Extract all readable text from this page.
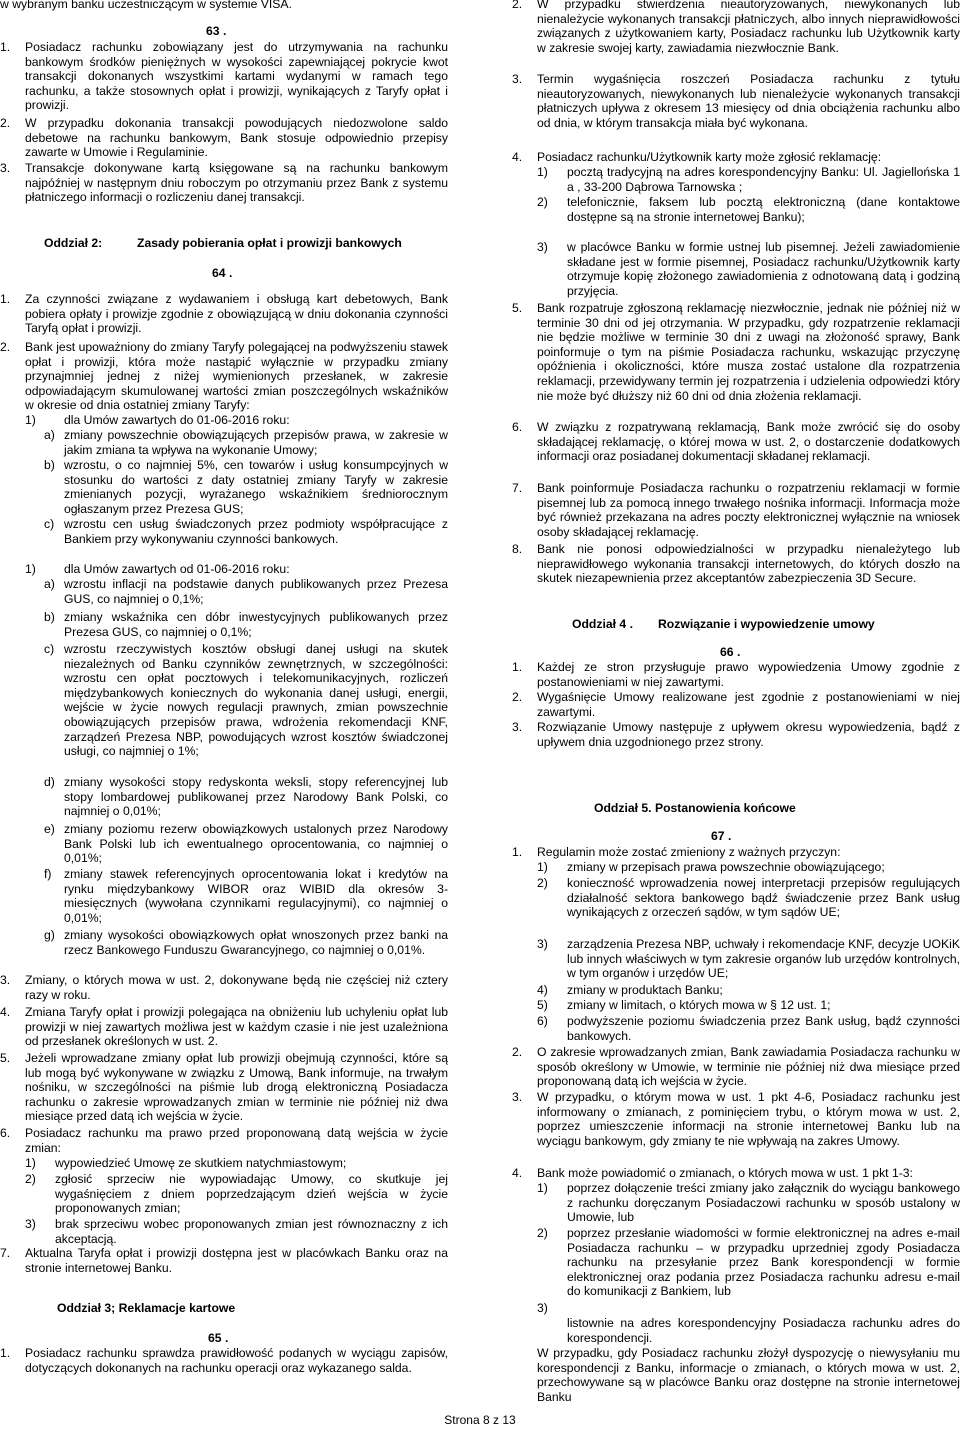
w wybranym banku uczestniczącym w systemie VISA.

63 .

1. Posiadacz rachunku zobowiązany jest do utrzymywania na rachunku bankowym środków pieniężnych w wysokości zapewniającej pokrycie kwot transakcji dokonanych wszystkimi kartami wydanymi w ramach tego rachunku, a także stosownych opłat i prowizji, wynikających z Taryfy opłat i prowizji.

2. W przypadku dokonania transakcji powodujących niedozwolone saldo debetowe na rachunku bankowym, Bank stosuje odpowiednio przepisy zawarte w Umowie i Regulaminie.

3. Transakcje dokonywane kartą księgowane są na rachunku bankowym najpóźniej w następnym dniu roboczym po otrzymaniu przez Bank z systemu płatniczego informacji o rozliczeniu danej transakcji.

Oddział 2:	Zasady pobierania opłat i prowizji bankowych

64 .

1. Za czynności związane z wydawaniem i obsługą kart debetowych, Bank pobiera opłaty i prowizje zgodnie z obowiązującą w dniu dokonania czynności Taryfą opłat i prowizji.

2. Bank jest upoważniony do zmiany Taryfy polegającej na podwyższeniu stawek opłat i prowizji, która może nastąpić wyłącznie w przypadku zmiany przynajmniej jednej z niżej wymienionych przesłanek, w zakresie odpowiadającym skumulowanej wartości zmian poszczególnych wskaźników w okresie od dnia ostatniej zmiany Taryfy:

1) dla Umów zawartych do 01-06-2016 roku:

a) zmiany powszechnie obowiązujących przepisów prawa, w zakresie w jakim zmiana ta wpływa na wykonanie Umowy;

b) wzrostu, o co najmniej 5%, cen towarów i usług konsumpcyjnych w stosunku do wartości z daty ostatniej zmiany Taryfy w zakresie zmienianych pozycji, wyrażanego wskaźnikiem średniorocznym ogłaszanym przez Prezesa GUS;

c) wzrostu cen usług świadczonych przez podmioty współpracujące z Bankiem przy wykonywaniu czynności bankowych.

1) dla Umów zawartych od 01-06-2016 roku:

a) wzrostu inflacji na podstawie danych publikowanych przez Prezesa GUS, co najmniej o 0,1%;

b) zmiany wskaźnika cen dóbr inwestycyjnych publikowanych przez Prezesa GUS, co najmniej o 0,1%;

c) wzrostu rzeczywistych kosztów obsługi danej usługi na skutek niezależnych od Banku czynników zewnętrznych, w szczególności: wzrostu cen opłat pocztowych i telekomunikacyjnych, rozliczeń międzybankowych koniecznych do wykonania danej usługi, energii, wejście w życie nowych regulacji prawnych, zmian powszechnie obowiązujących przepisów prawa, wdrożenia rekomendacji KNF, zarządzeń Prezesa NBP, powodujących wzrost kosztów świadczonej usługi, co najmniej o 1%;

d) zmiany wysokości stopy redyskonta weksli, stopy referencyjnej lub stopy lombardowej publikowanej przez Narodowy Bank Polski, co najmniej o 0,01%;

e) zmiany poziomu rezerw obowiązkowych ustalonych przez Narodowy Bank Polski lub ich ewentualnego oprocentowania, co najmniej o 0,01%;

f) zmiany stawek referencyjnych oprocentowania lokat i kredytów na rynku międzybankowy WIBOR oraz WIBID dla okresów 3-miesięcznych (wywołana czynnikami regulacyjnymi), co najmniej o 0,01%;

g) zmiany wysokości obowiązkowych opłat wnoszonych przez banki na rzecz Bankowego Funduszu Gwarancyjnego, co najmniej o 0,01%.

3. Zmiany, o których mowa w ust. 2, dokonywane będą nie częściej niż cztery razy w roku.

4. Zmiana Taryfy opłat i prowizji polegająca na obniżeniu lub uchyleniu opłat lub prowizji w niej zawartych możliwa jest w każdym czasie i nie jest uzależniona od przesłanek określonych w ust. 2.

5. Jeżeli wprowadzane zmiany opłat lub prowizji obejmują czynności, które są lub mogą być wykonywane w związku z Umową, Bank informuje, na trwałym nośniku, w szczególności na piśmie lub drogą elektroniczną Posiadacza rachunku o zakresie wprowadzanych zmian w terminie nie później niż dwa miesiące przed datą ich wejścia w życie.

6. Posiadacz rachunku ma prawo przed proponowaną datą wejścia w życie zmian:

1) wypowiedzieć Umowę ze skutkiem natychmiastowym;

2) zgłosić sprzeciw nie wypowiadając Umowy, co skutkuje jej wygaśnięciem z dniem poprzedzającym dzień wejścia w życie proponowanych zmian;

3) brak sprzeciwu wobec proponowanych zmian jest równoznaczny z ich akceptacją.

7. Aktualna Taryfa opłat i prowizji dostępna jest w placówkach Banku oraz na stronie internetowej Banku.

Oddział 3; Reklamacje kartowe

65 .

1. Posiadacz rachunku sprawdza prawidłowość podanych w wyciągu zapisów, dotyczących dokonanych na rachunku operacji oraz wykazanego salda.

2. W przypadku stwierdzenia nieautoryzowanych, niewykonanych lub nienależycie wykonanych transakcji płatniczych, albo innych nieprawidłowości związanych z użytkowaniem karty, Posiadacz rachunku lub Użytkownik karty w zakresie swojej karty, zawiadamia niezwłocznie Bank.

3. Termin wygaśnięcia roszczeń Posiadacza rachunku z tytułu nieautoryzowanych, niewykonanych lub nienależycie wykonanych transakcji płatniczych upływa z okresem 13 miesięcy od dnia obciążenia rachunku albo od dnia, w którym transakcja miała być wykonana.

4. Posiadacz rachunku/Użytkownik karty może zgłosić reklamację:

1) pocztą tradycyjną na adres korespondencyjny Banku: Ul. Jagiellońska 1 a , 33-200 Dąbrowa Tarnowska ;

2) telefonicznie, faksem lub pocztą elektroniczną (dane kontaktowe dostępne są na stronie internetowej Banku);

3) w placówce Banku w formie ustnej lub pisemnej. Jeżeli zawiadomienie składane jest w formie pisemnej, Posiadacz rachunku/Użytkownik karty otrzymuje kopię złożonego zawiadomienia z odnotowaną datą i godziną przyjęcia.

5. Bank rozpatruje zgłoszoną reklamację niezwłocznie, jednak nie później niż w terminie 30 dni od jej otrzymania. W przypadku, gdy rozpatrzenie reklamacji nie będzie możliwe w terminie 30 dni z uwagi na złożoność sprawy, Bank poinformuje o tym na piśmie Posiadacza rachunku, wskazując przyczynę opóźnienia i okoliczności, które musza zostać ustalone dla rozpatrzenia reklamacji, przewidywany termin jej rozpatrzenia i udzielenia odpowiedzi który nie może być dłuższy niż 60 dni od dnia złożenia reklamacji.

6. W związku z rozpatrywaną reklamacją, Bank może zwrócić się do osoby składającej reklamację, o której mowa w ust. 2, o dostarczenie dodatkowych informacji oraz posiadanej dokumentacji składanej reklamacji.

7. Bank poinformuje Posiadacza rachunku o rozpatrzeniu reklamacji w formie pisemnej lub za pomocą innego trwałego nośnika informacji. Informacja może być również przekazana na adres poczty elektronicznej wyłącznie na wniosek osoby składającej reklamację.

8. Bank nie ponosi odpowiedzialności w przypadku nienależytego lub nieprawidłowego wykonania transakcji internetowych, do których doszło na skutek niezapewnienia przez akceptantów zabezpieczenia 3D Secure.

Oddział 4 . Rozwiązanie i wypowiedzenie umowy

66 .

1. Każdej ze stron przysługuje prawo wypowiedzenia Umowy zgodnie z postanowieniami w niej zawartymi.

2. Wygaśnięcie Umowy realizowane jest zgodnie z postanowieniami w niej zawartymi.

3. Rozwiązanie Umowy następuje z upływem okresu wypowiedzenia, bądź z upływem dnia uzgodnionego przez strony.

Oddział 5. Postanowienia końcowe

67 .

1. Regulamin może zostać zmieniony z ważnych przyczyn:

1) zmiany w przepisach prawa powszechnie obowiązującego;

2) konieczność wprowadzenia nowej interpretacji przepisów regulujących działalność sektora bankowego bądź świadczenie przez Bank usług wynikających z orzeczeń sądów, w tym sądów UE;

3) zarządzenia Prezesa NBP, uchwały i rekomendacje KNF, decyzje UOKiK lub innych właściwych w tym zakresie organów lub urzędów kontrolnych, w tym organów i urzędów UE;

4) zmiany w produktach Banku;

5) zmiany w limitach, o których mowa w § 12 ust. 1;

6) podwyższenie poziomu świadczenia przez Bank usług, bądź czynności bankowych.

2. O zakresie wprowadzanych zmian, Bank zawiadamia Posiadacza rachunku w sposób określony w Umowie, w terminie nie później niż dwa miesiące przed proponowaną datą ich wejścia w życie.

3. W przypadku, o którym mowa w ust. 1 pkt 4-6, Posiadacz rachunku jest informowany o zmianach, z pominięciem trybu, o którym mowa w ust. 2, poprzez umieszczenie informacji na stronie internetowej Banku lub na wyciągu bankowym, gdy zmiany te nie wpływają na zakres Umowy.

4. Bank może powiadomić o zmianach, o których mowa w ust. 1 pkt 1-3:

1) poprzez dołączenie treści zmiany jako załącznik do wyciągu bankowego z rachunku doręczanym Posiadaczowi rachunku w sposób ustalony w Umowie, lub

2) poprzez przesłanie wiadomości w formie elektronicznej na adres e-mail Posiadacza rachunku – w przypadku uprzedniej zgody Posiadacza rachunku na przesyłanie przez Bank korespondencji w formie elektronicznej oraz podania przez Posiadacza rachunku adresu e-mail do komunikacji z Bankiem, lub

3)

listownie na adres korespondencyjny Posiadacza rachunku adres do korespondencji.

W przypadku, gdy Posiadacz rachunku złożył dyspozycję o niewysyłaniu mu korespondencji z Banku, informacje o zmianach, o których mowa w ust. 2, przechowywane są w placówce Banku oraz dostępne na stronie internetowej Banku

Strona 8 z 13
